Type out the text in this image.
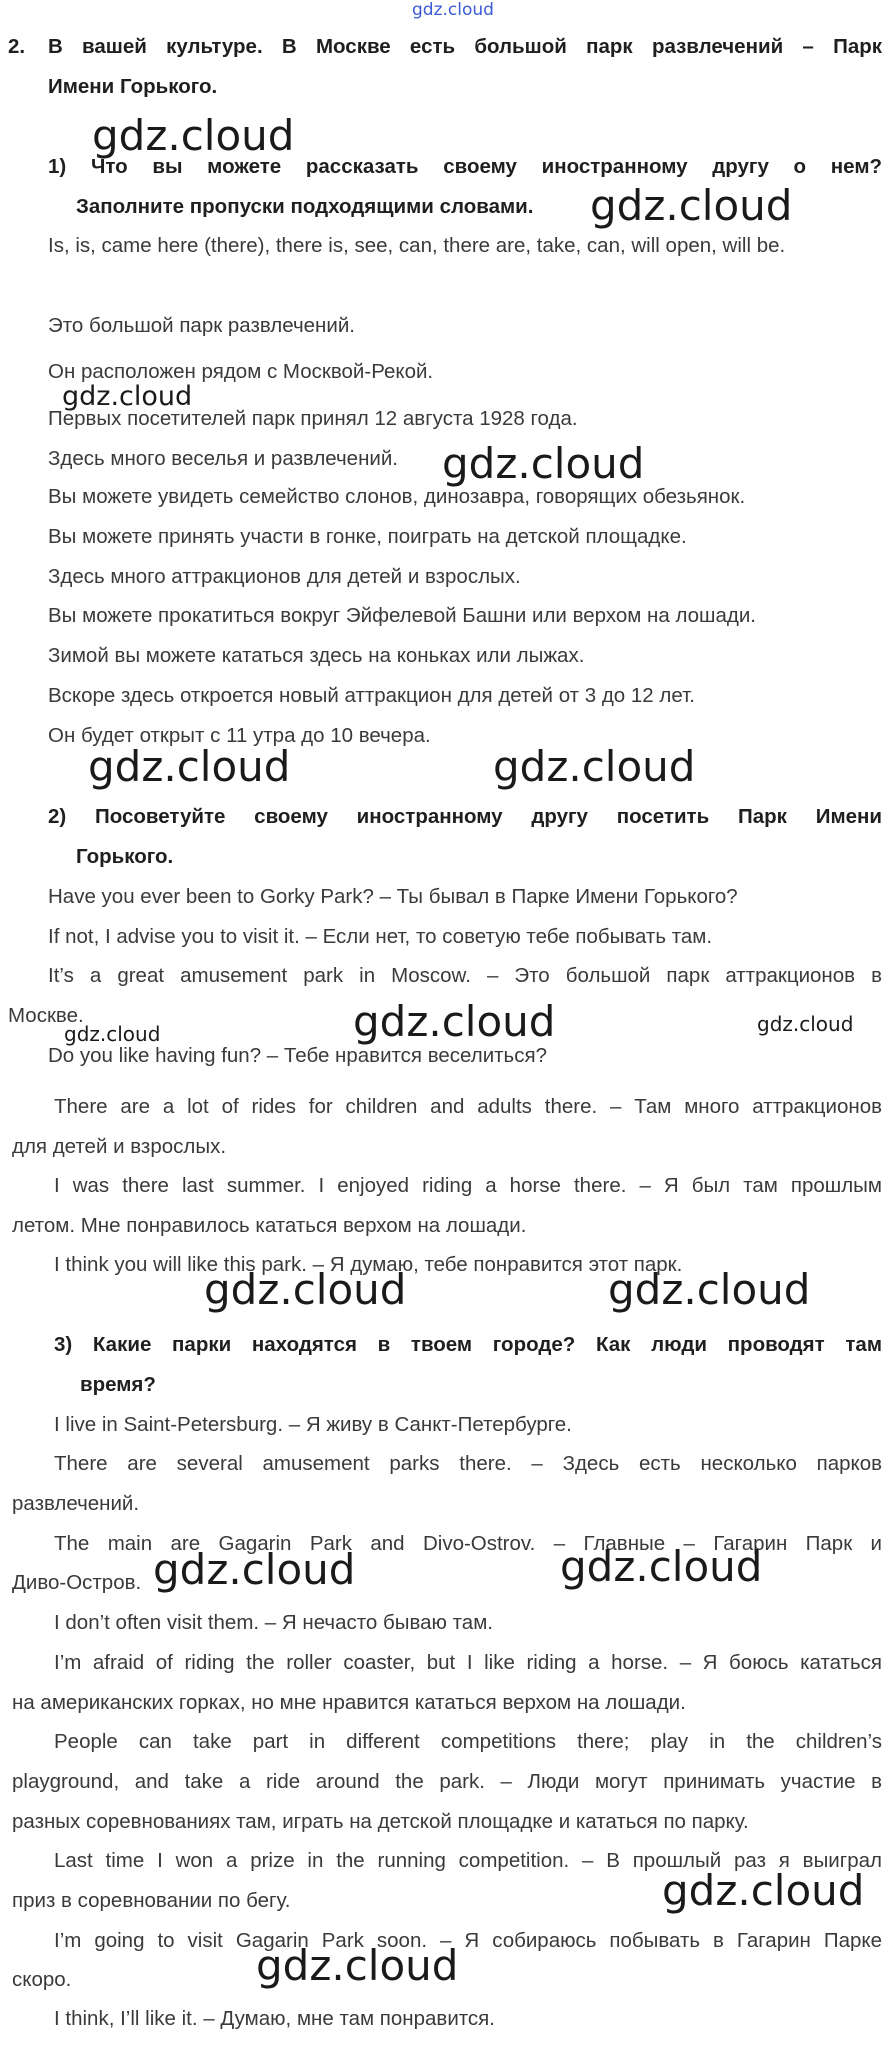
gdz.cloud
2. В вашей культуре. В Москве есть большой парк развлечений – Парк
Имени Горького.
1) Что вы можете рассказать своему иностранному другу о нем?
Заполните пропуски подходящими словами.
Is, is, came here (there), there is, see, can, there are, take, can, will open, will be.
Это большой парк развлечений.
Он расположен рядом с Москвой-Рекой.
Первых посетителей парк принял 12 августа 1928 года.
Здесь много веселья и развлечений.
Вы можете увидеть семейство слонов, динозавра, говорящих обезьянок.
Вы можете принять участи в гонке, поиграть на детской площадке.
Здесь много аттракционов для детей и взрослых.
Вы можете прокатиться вокруг Эйфелевой Башни или верхом на лошади.
Зимой вы можете кататься здесь на коньках или лыжах.
Вскоре здесь откроется новый аттракцион для детей от 3 до 12 лет.
Он будет открыт с 11 утра до 10 вечера.
2) Посоветуйте своему иностранному другу посетить Парк Имени
Горького.
Have you ever been to Gorky Park? – Ты бывал в Парке Имени Горького?
If not, I advise you to visit it. – Если нет, то советую тебе побывать там.
It’s a great amusement park in Moscow. – Это большой парк аттракционов в
Москве.
Do you like having fun? – Тебе нравится веселиться?
There are a lot of rides for children and adults there. – Там много аттракционов
для детей и взрослых.
I was there last summer. I enjoyed riding a horse there. – Я был там прошлым
летом. Мне понравилось кататься верхом на лошади.
I think you will like this park. – Я думаю, тебе понравится этот парк.
3) Какие парки находятся в твоем городе? Как люди проводят там
время?
I live in Saint-Petersburg. – Я живу в Санкт-Петербурге.
There are several amusement parks there. – Здесь есть несколько парков
развлечений.
The main are Gagarin Park and Divo-Ostrov. – Главные – Гагарин Парк и
Диво-Остров.
I don’t often visit them. – Я нечасто бываю там.
I’m afraid of riding the roller coaster, but I like riding a horse. – Я боюсь кататься
на американских горках, но мне нравится кататься верхом на лошади.
People can take part in different competitions there; play in the children’s
playground, and take a ride around the park. – Люди могут принимать участие в
разных соревнованиях там, играть на детской площадке и кататься по парку.
Last time I won a prize in the running competition. – В прошлый раз я выиграл
приз в соревновании по бегу.
I’m going to visit Gagarin Park soon. – Я собираюсь побывать в Гагарин Парке
скоро.
I think, I’ll like it. – Думаю, мне там понравится.
gdz.cloud
gdz.cloud
gdz.cloud
gdz.cloud
gdz.cloud	gdz.cloud
gdz.cloud	gdz.cloud
gdz.cloud
gdz.cloud	gdz.cloud
gdz.cloud	gdz.cloud
gdz.cloud
gdz.cloud
